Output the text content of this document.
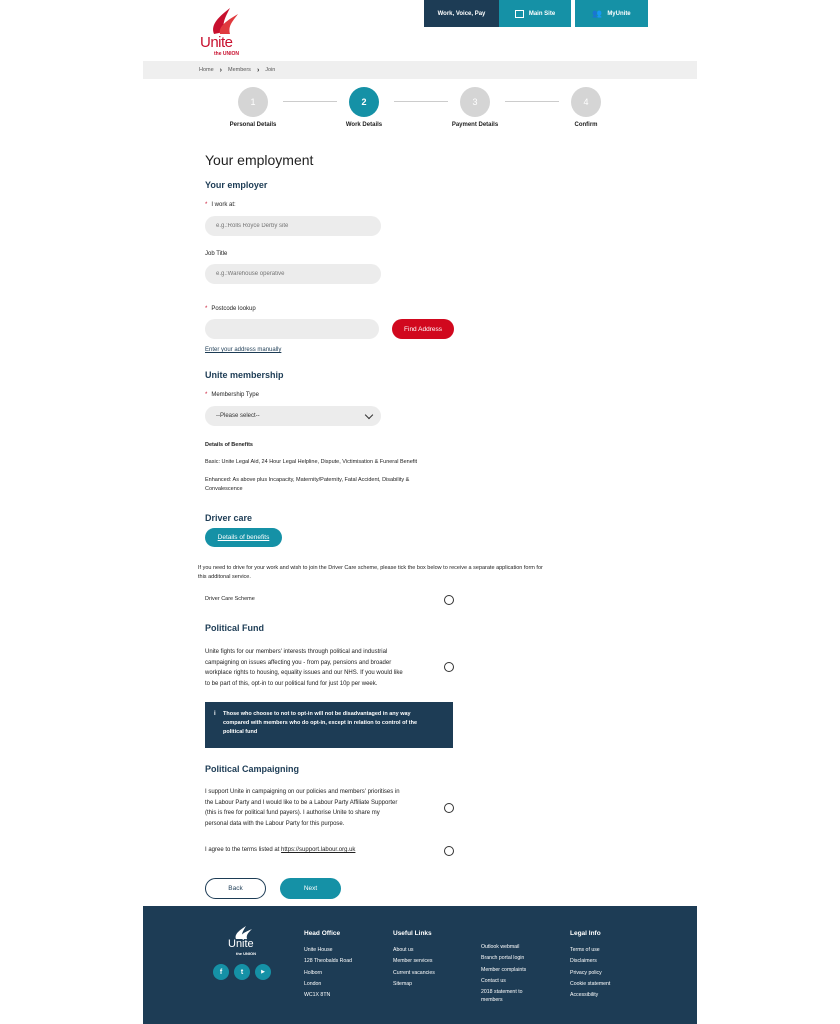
Unite
the UNION
Work, Voice, Pay	Main Site	👥 MyUnite
Home › Members › Join
1	2	3	4
Personal Details	Work Details	Payment Details	Confirm
Your employment
Your employer
* I work at:
e.g.:Rolls Royce Derby site
Job Title
e.g.:Warehouse operative
* Postcode lookup
Find Address
Enter your address manually
Unite membership
* Membership Type
--Please select--
Details of Benefits
Basic: Unite Legal Aid, 24 Hour Legal Helpline, Dispute, Victimisation & Funeral Benefit
Enhanced: As above plus Incapacity, Maternity/Paternity, Fatal Accident, Disability &
Convalescence
Driver care
Details of benefits
If you need to drive for your work and wish to join the Driver Care scheme, please tick the box below to receive a separate application form for
this additonal service.
Driver Care Scheme
Political Fund
Unite fights for our members' interests through political and industrial
campaigning on issues affecting you - from pay, pensions and broader
workplace rights to housing, equality issues and our NHS. If you would like
to be part of this, opt-in to our political fund for just 10p per week.
i Those who choose to not to opt-in will not be disadvantaged in any way
compared with members who do opt-in, except in relation to control of the
political fund
Political Campaigning
I support Unite in campaigning on our policies and members' prioritises in
the Labour Party and I would like to be a Labour Party Affiliate Supporter
(this is free for political fund payers). I authorise Unite to share my
personal data with the Labour Party for this purpose.
I agree to the terms listed at https://support.labour.org.uk
Back	Next
Unite
the UNION
f	t	▶
Head Office
Unite House
128 Theobalds Road
Holborn
London
WC1X 8TN
Useful Links
About us
Member services
Current vacancies
Sitemap
Outlook webmail
Branch portal login
Member complaints
Contact us
2018 statement to
members
Legal Info
Terms of use
Disclaimers
Privacy policy
Cookie statement
Accessibility
